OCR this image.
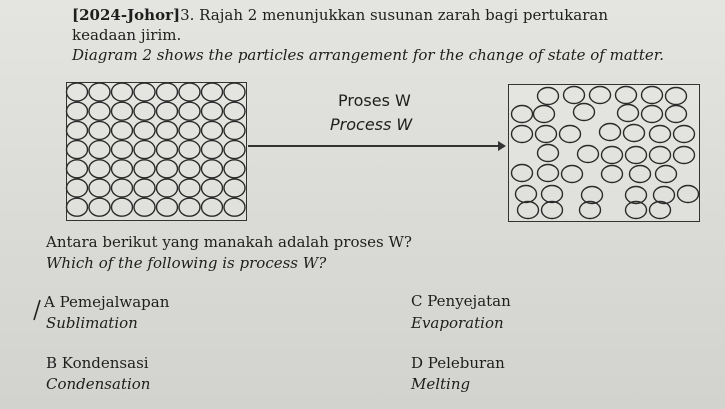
[2024-Johor]3. Rajah 2 menunjukkan susunan zarah bagi pertukaran
keadaan jirim.
Diagram 2 shows the particles arrangement for the change of state of matter.
Proses W
Process W
Antara berikut yang manakah adalah proses W?
Which of the following is process W?
A Pemejalwapan
Sublimation
C Penyejatan
Evaporation
B Kondensasi
Condensation
D Peleburan
Melting
